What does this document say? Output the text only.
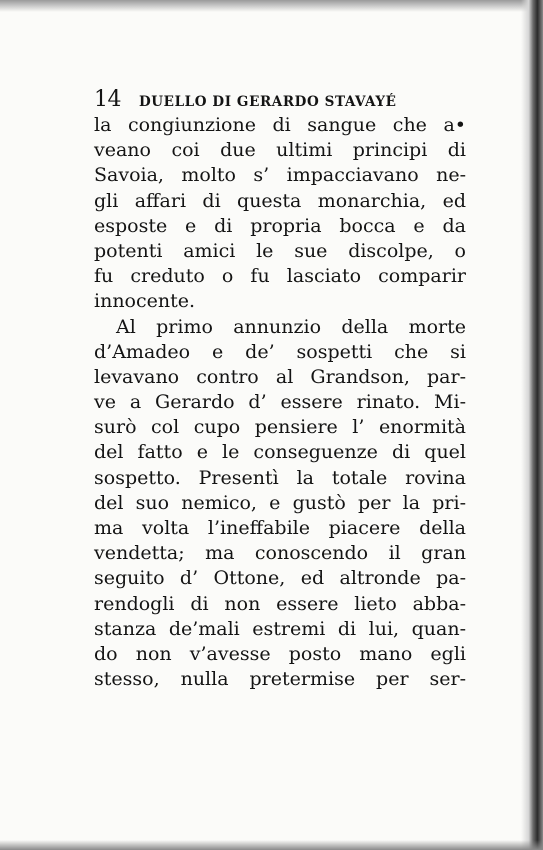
14 DUELLO DI GERARDO STAVAYÉ
la congiunzione di sangue che a•
veano coi due ultimi principi di
Savoia, molto s’ impacciavano ne-
gli affari di questa monarchia, ed
esposte e di propria bocca e da
potenti amici le sue discolpe, o
fu creduto o fu lasciato comparir
innocente.
Al primo annunzio della morte
d’Amadeo e de’ sospetti che si
levavano contro al Grandson, par-
ve a Gerardo d’ essere rinato. Mi-
surò col cupo pensiere l’ enormità
del fatto e le conseguenze di quel
sospetto. Presentì la totale rovina
del suo nemico, e gustò per la pri-
ma volta l’ineffabile piacere della
vendetta; ma conoscendo il gran
seguito d’ Ottone, ed altronde pa-
rendogli di non essere lieto abba-
stanza de’mali estremi di lui, quan-
do non v’avesse posto mano egli
stesso, nulla pretermise per ser-
